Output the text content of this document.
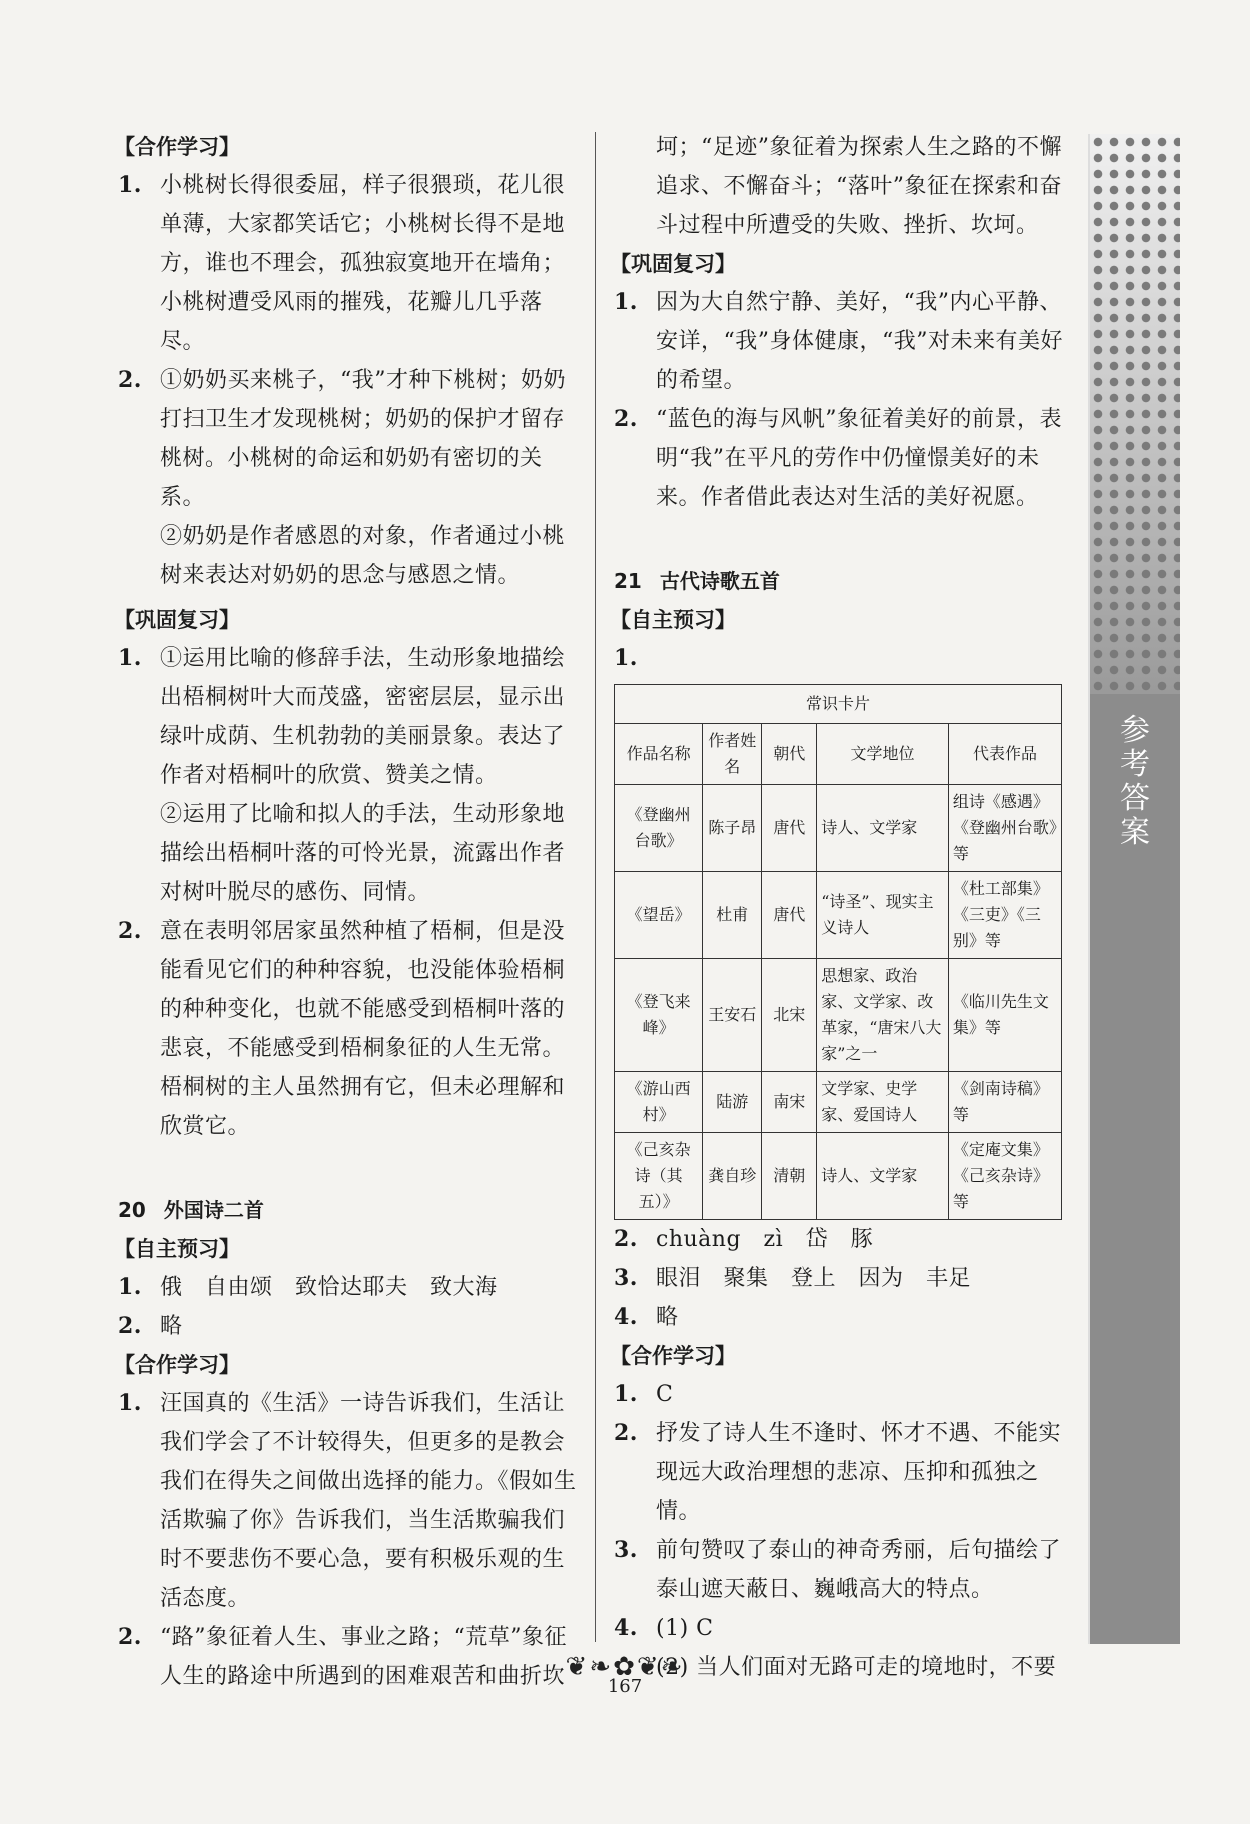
【合作学习】
1. 小桃树长得很委屈，样子很猥琐，花儿很单薄，大家都笑话它；小桃树长得不是地方，谁也不理会，孤独寂寞地开在墙角；小桃树遭受风雨的摧残，花瓣儿几乎落尽。

2. ①奶奶买来桃子，“我”才种下桃树；奶奶打扫卫生才发现桃树；奶奶的保护才留存桃树。小桃树的命运和奶奶有密切的关系。

②奶奶是作者感恩的对象，作者通过小桃树来表达对奶奶的思念与感恩之情。

【巩固复习】
1. ①运用比喻的修辞手法，生动形象地描绘出梧桐树叶大而茂盛，密密层层，显示出绿叶成荫、生机勃勃的美丽景象。表达了作者对梧桐叶的欣赏、赞美之情。

②运用了比喻和拟人的手法，生动形象地描绘出梧桐叶落的可怜光景，流露出作者对树叶脱尽的感伤、同情。

2. 意在表明邻居家虽然种植了梧桐，但是没能看见它们的种种容貌，也没能体验梧桐的种种变化，也就不能感受到梧桐叶落的悲哀，不能感受到梧桐象征的人生无常。梧桐树的主人虽然拥有它，但未必理解和欣赏它。

20 外国诗二首
【自主预习】
1. 俄　自由颂　致恰达耶夫　致大海

2. 略

【合作学习】
1. 汪国真的《生活》一诗告诉我们，生活让我们学会了不计较得失，但更多的是教会我们在得失之间做出选择的能力。《假如生活欺骗了你》告诉我们，当生活欺骗我们时不要悲伤不要心急，要有积极乐观的生活态度。

2. “路”象征着人生、事业之路；“荒草”象征人生的路途中所遇到的困难艰苦和曲折坎

坷；“足迹”象征着为探索人生之路的不懈追求、不懈奋斗；“落叶”象征在探索和奋斗过程中所遭受的失败、挫折、坎坷。

【巩固复习】
1. 因为大自然宁静、美好，“我”内心平静、安详，“我”身体健康，“我”对未来有美好的希望。

2. “蓝色的海与风帆”象征着美好的前景，表明“我”在平凡的劳作中仍憧憬美好的未来。作者借此表达对生活的美好祝愿。

21 古代诗歌五首
【自主预习】
1.

常识卡片				
作品名称	作者姓名	朝代	文学地位	代表作品
《登幽州台歌》	陈子昂	唐代	诗人、文学家	组诗《感遇》《登幽州台歌》等
《望岳》	杜甫	唐代	“诗圣”、现实主义诗人	《杜工部集》《三吏》《三别》等
《登飞来峰》	王安石	北宋	思想家、政治家、文学家、改革家，“唐宋八大家”之一	《临川先生文集》等
《游山西村》	陆游	南宋	文学家、史学家、爱国诗人	《剑南诗稿》等
《己亥杂诗（其五）》	龚自珍	清朝	诗人、文学家	《定庵文集》《己亥杂诗》等
2. chuàng　zì　岱　豚

3. 眼泪　聚集　登上　因为　丰足

4. 略

【合作学习】
1. C

2. 抒发了诗人生不逢时、怀才不遇、不能实现远大政治理想的悲凉、压抑和孤独之情。

3. 前句赞叹了泰山的神奇秀丽，后句描绘了泰山遮天蔽日、巍峨高大的特点。

4. (1) C

(2) 当人们面对无路可走的境地时，不要

参
考
答
案
❦❧✿❦❧
167
